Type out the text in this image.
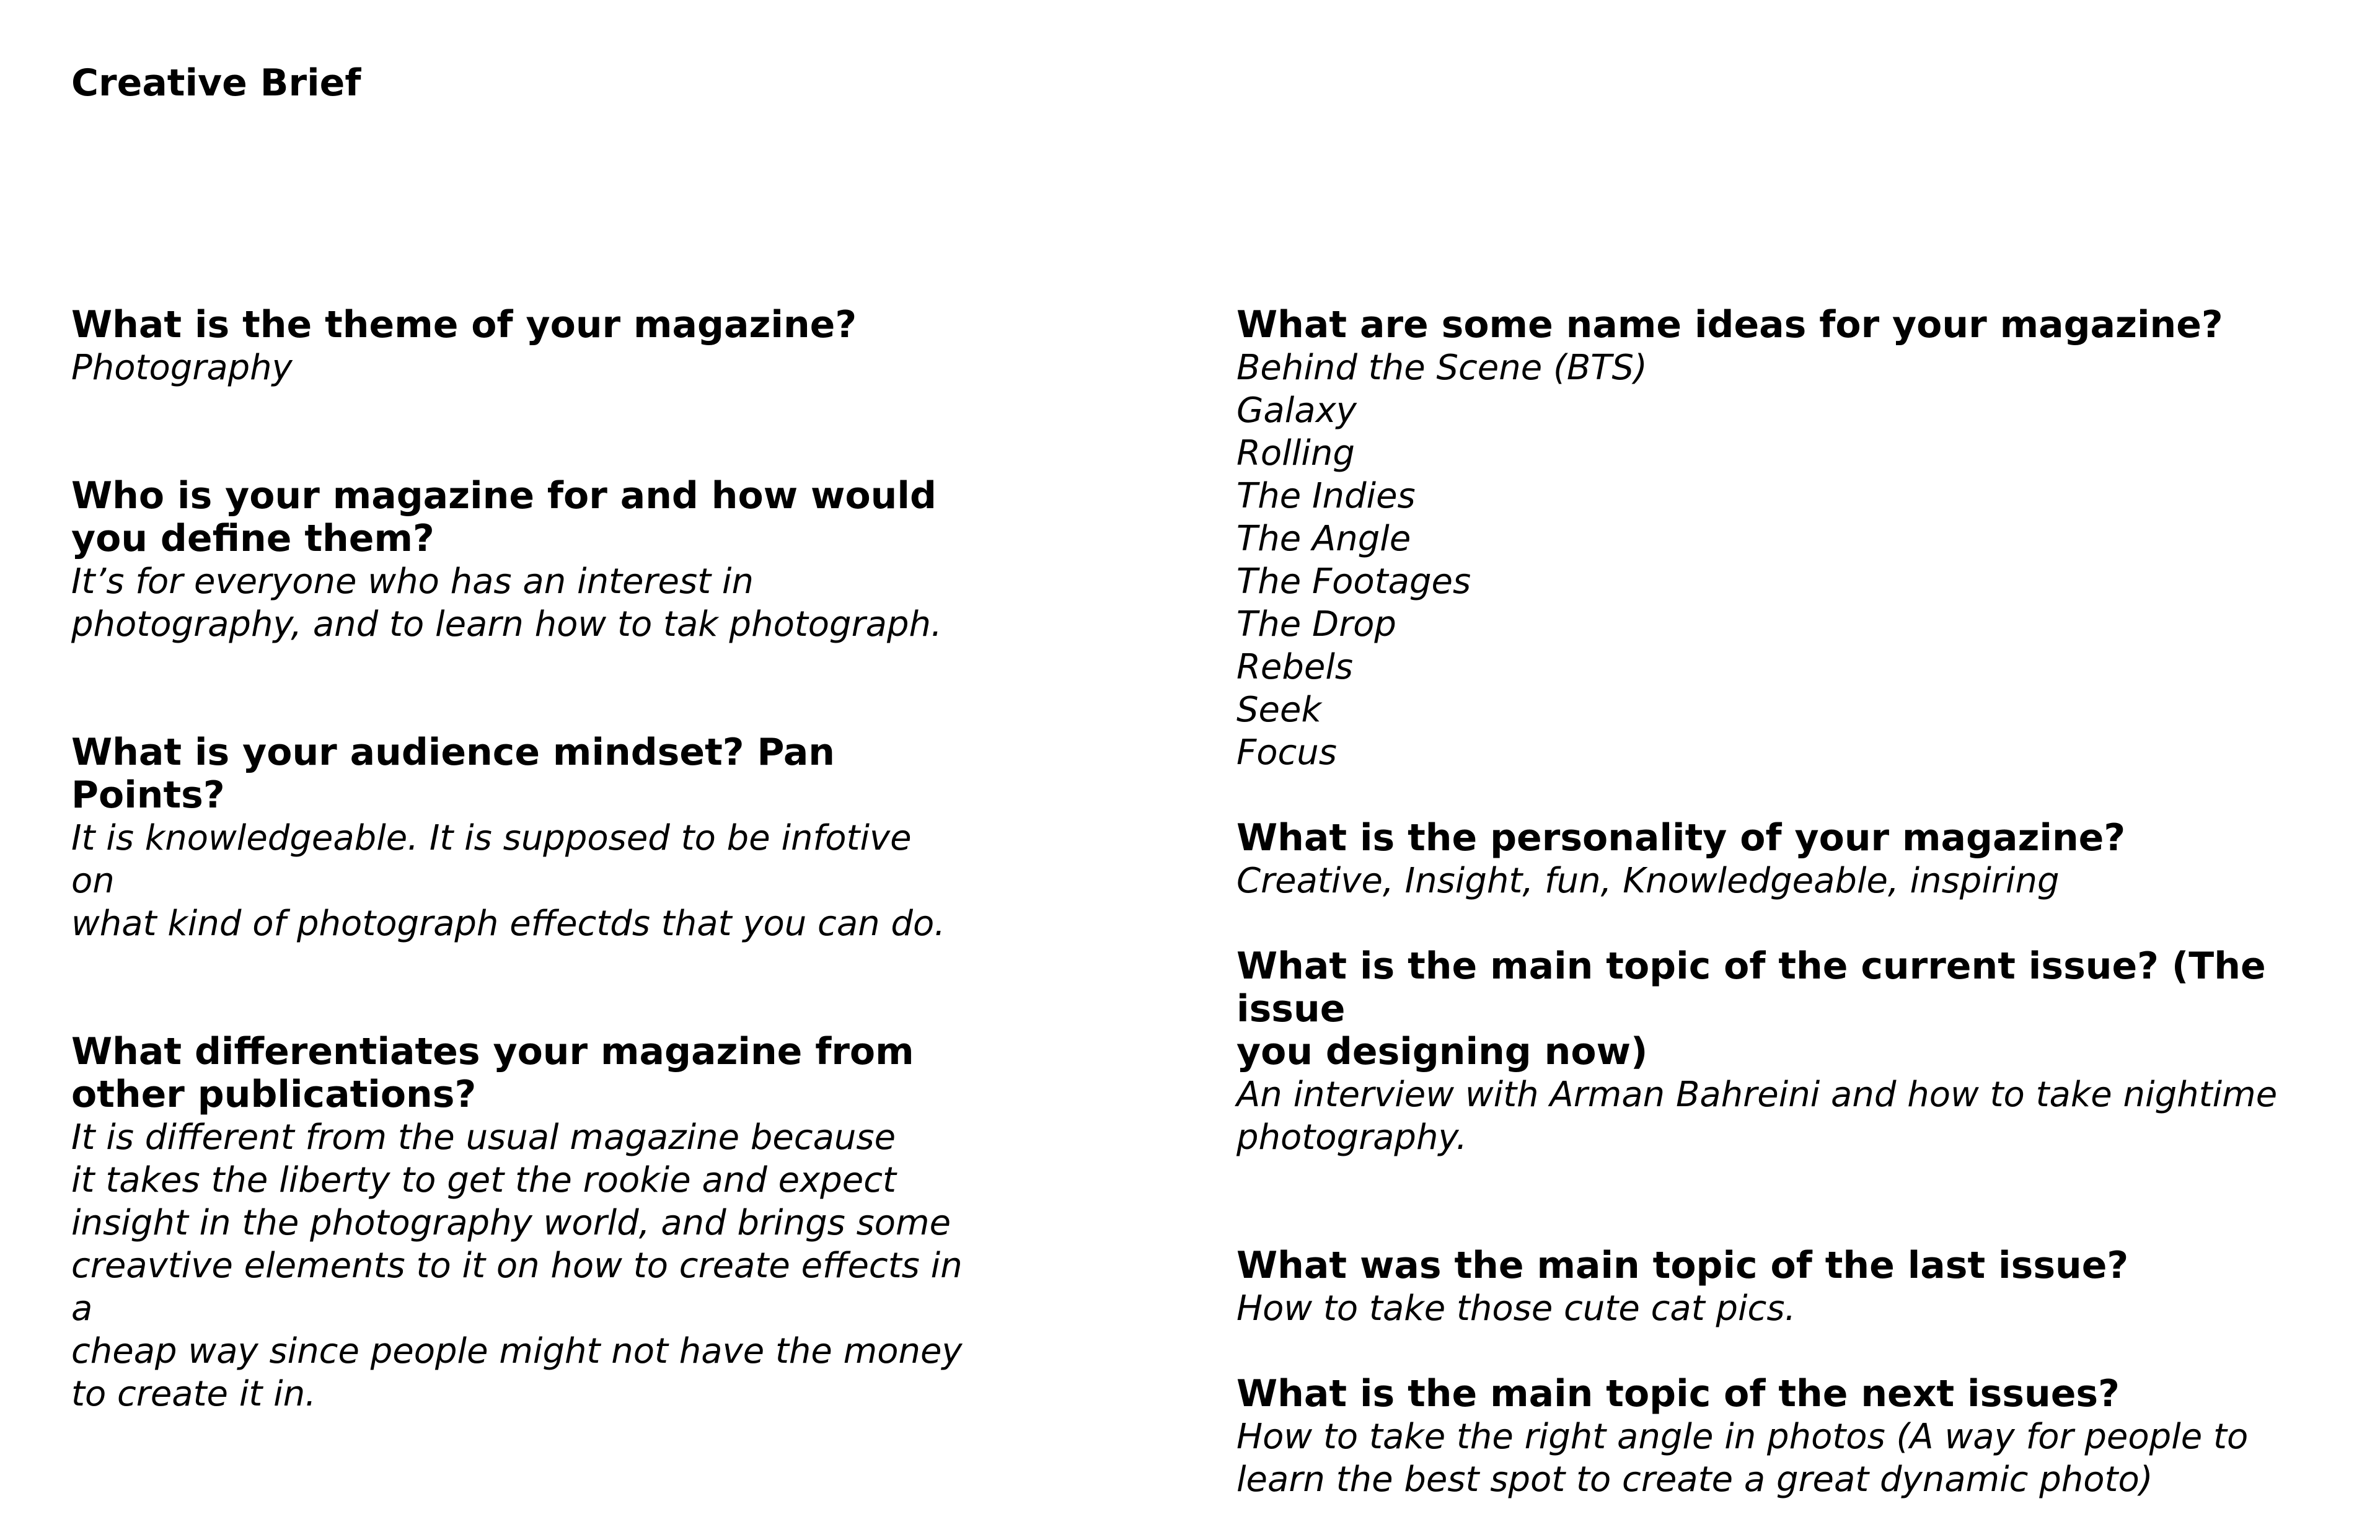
Creative Brief

What is the theme of your magazine?

Photography

Who is your magazine for and how would
you define them?

It’s for everyone who has an interest in
photography, and to learn how to tak photograph.

What is your audience mindset? Pan Points?

It is knowledgeable. It is supposed to be infotive on
what kind of photograph effectds that you can do.

What differentiates your magazine from
other publications?

It is different from the usual magazine because
it takes the liberty to get the rookie and expect
insight in the photography world, and brings some
creavtive elements to it on how to create effects in a
cheap way since people might not have the money
to create it in.

What are some name ideas for your magazine?

Behind the Scene (BTS)
Galaxy
Rolling
The Indies
The Angle
The Footages
The Drop
Rebels
Seek
Focus

What is the personality of your magazine?

Creative, Insight, fun, Knowledgeable, inspiring

What is the main topic of the current issue? (The issue
you designing now)

An interview with Arman Bahreini and how to take nightime
photography.

What was the main topic of the last issue?

How to take those cute cat pics.

What is the main topic of the next issues?

How to take the right angle in photos (A way for people to
learn the best spot to create a great dynamic photo)
